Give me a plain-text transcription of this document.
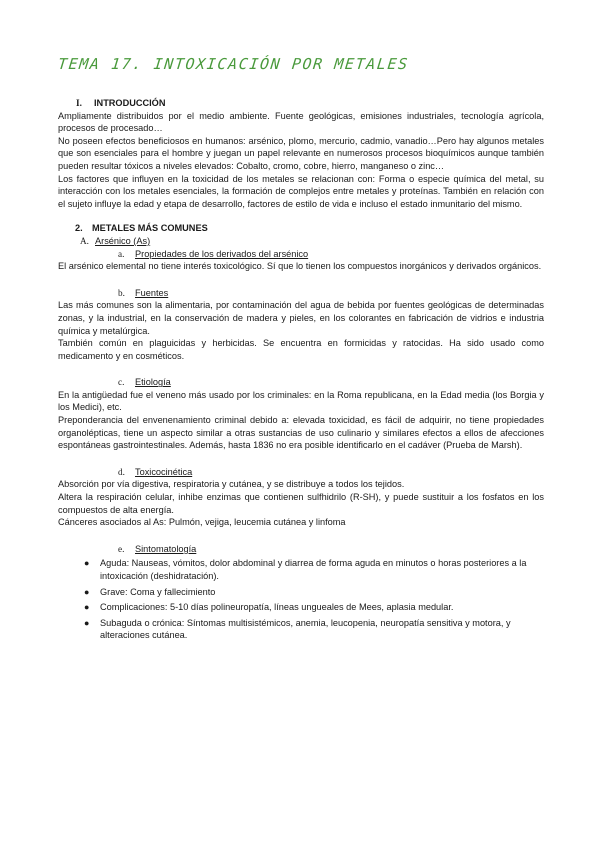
TEMA 17. INTOXICACIÓN POR METALES

I. INTRODUCCIÓN

Ampliamente distribuidos por el medio ambiente. Fuente geológicas, emisiones industriales, tecnología agrícola, procesos de procesado…

No poseen efectos beneficiosos en humanos: arsénico, plomo, mercurio, cadmio, vanadio…Pero hay algunos metales que son esenciales para el hombre y juegan un papel relevante en numerosos procesos bioquímicos aunque también pueden resultar tóxicos a niveles elevados: Cobalto, cromo, cobre, hierro, manganeso o zinc…

Los factores que influyen en la toxicidad de los metales se relacionan con: Forma o especie química del metal, su interacción con los metales esenciales, la formación de complejos entre metales y proteínas. También en relación con el sujeto influye la edad y etapa de desarrollo, factores de estilo de vida e incluso el estado inmunitario del mismo.

2. METALES MÁS COMUNES

A. Arsénico (As)

a. Propiedades de los derivados del arsénico

El arsénico elemental no tiene interés toxicológico. Sí que lo tienen los compuestos inorgánicos y derivados orgánicos.

b. Fuentes

Las más comunes son la alimentaria, por contaminación del agua de bebida por fuentes geológicas de determinadas zonas, y la industrial, en la conservación de madera y pieles, en los colorantes en fabricación de vidrios e industria química y metalúrgica.

También común en plaguicidas y herbicidas. Se encuentra en formicidas y ratocidas. Ha sido usado como medicamento y en cosméticos.

c. Etiología

En la antigüedad fue el veneno más usado por los criminales: en la Roma republicana, en la Edad media (los Borgia y los Medici), etc.

Preponderancia del envenenamiento criminal debido a: elevada toxicidad, es fácil de adquirir, no tiene propiedades organolépticas, tiene un aspecto similar a otras sustancias de uso culinario y similares efectos a ellos de afecciones espontáneas gastrointestinales. Además, hasta 1836 no era posible identificarlo en el cadáver (Prueba de Marsh).

d. Toxicocinética

Absorción por vía digestiva, respiratoria y cutánea, y se distribuye a todos los tejidos.

Altera la respiración celular, inhibe enzimas que contienen sulfhidrilo (R-SH), y puede sustituir a los fosfatos en los compuestos de alta energía.

Cánceres asociados al As: Pulmón, vejiga, leucemia cutánea y linfoma

e. Sintomatología

● Aguda: Nauseas, vómitos, dolor abdominal y diarrea de forma aguda en minutos o horas posteriores a la intoxicación (deshidratación).
● Grave: Coma y fallecimiento
● Complicaciones: 5-10 días polineuropatía, líneas ungueales de Mees, aplasia medular.
● Subaguda o crónica: Síntomas multisistémicos, anemia, leucopenia, neuropatía sensitiva y motora, y alteraciones cutánea.
